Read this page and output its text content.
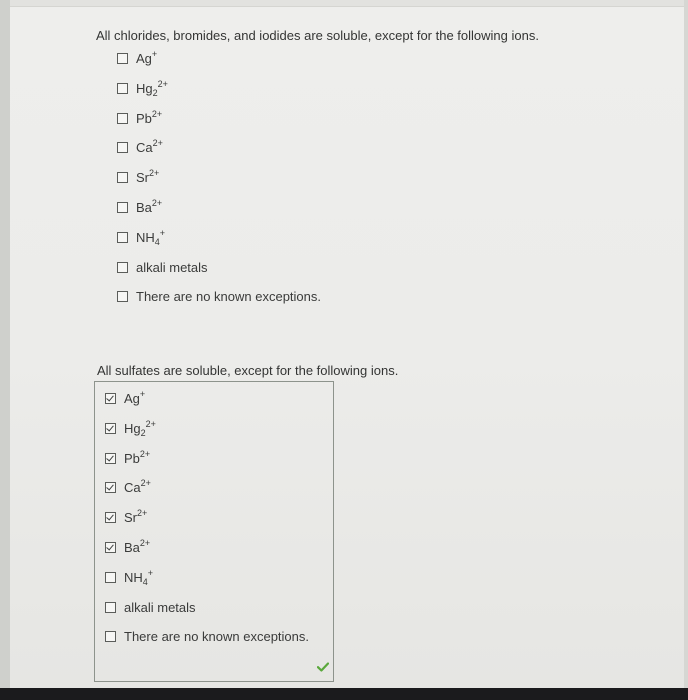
All chlorides, bromides, and iodides are soluble, except for the following ions.
Ag+
$Hg_2^{2+}$
$Pb^{2+}$
$Ca^{2+}$
$Sr^{2+}$
$Ba^{2+}$
$NH_4^+$
alkali metals
There are no known exceptions.
All sulfates are soluble, except for the following ions.
Ag+
$Hg_2^{2+}$
$Pb^{2+}$
$Ca^{2+}$
$Sr^{2+}$
$Ba^{2+}$
$NH_4^+$
alkali metals
There are no known exceptions.
